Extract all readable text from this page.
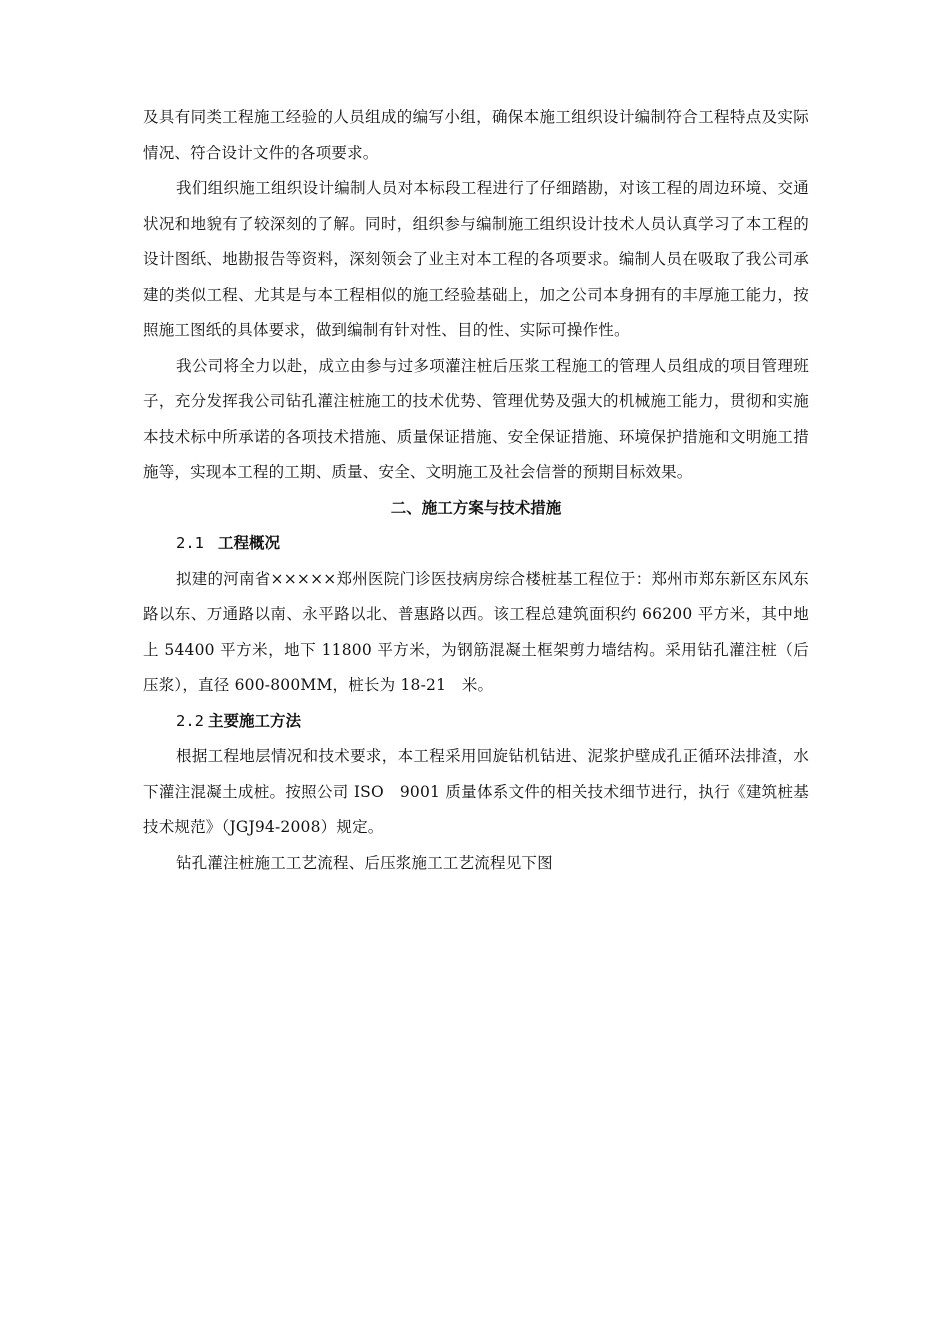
及具有同类工程施工经验的人员组成的编写小组，确保本施工组织设计编制符合工程特点及实际情况、符合设计文件的各项要求。

我们组织施工组织设计编制人员对本标段工程进行了仔细踏勘，对该工程的周边环境、交通状况和地貌有了较深刻的了解。同时，组织参与编制施工组织设计技术人员认真学习了本工程的设计图纸、地勘报告等资料，深刻领会了业主对本工程的各项要求。编制人员在吸取了我公司承建的类似工程、尤其是与本工程相似的施工经验基础上，加之公司本身拥有的丰厚施工能力，按照施工图纸的具体要求，做到编制有针对性、目的性、实际可操作性。

我公司将全力以赴，成立由参与过多项灌注桩后压浆工程施工的管理人员组成的项目管理班子，充分发挥我公司钻孔灌注桩施工的技术优势、管理优势及强大的机械施工能力，贯彻和实施本技术标中所承诺的各项技术措施、质量保证措施、安全保证措施、环境保护措施和文明施工措施等，实现本工程的工期、质量、安全、文明施工及社会信誉的预期目标效果。

二、施工方案与技术措施
2.1 工程概况

拟建的河南省×××××郑州医院门诊医技病房综合楼桩基工程位于：郑州市郑东新区东风东路以东、万通路以南、永平路以北、普惠路以西。该工程总建筑面积约 66200 平方米，其中地上 54400 平方米，地下 11800 平方米，为钢筋混凝土框架剪力墙结构。采用钻孔灌注桩（后压浆），直径 600-800MM，桩长为 18-21　米。

2.2 主要施工方法

根据工程地层情况和技术要求，本工程采用回旋钻机钻进、泥浆护壁成孔正循环法排渣，水下灌注混凝土成桩。按照公司 ISO　9001 质量体系文件的相关技术细节进行，执行《建筑桩基技术规范》（JGJ94-2008）规定。

钻孔灌注桩施工工艺流程、后压浆施工工艺流程见下图
